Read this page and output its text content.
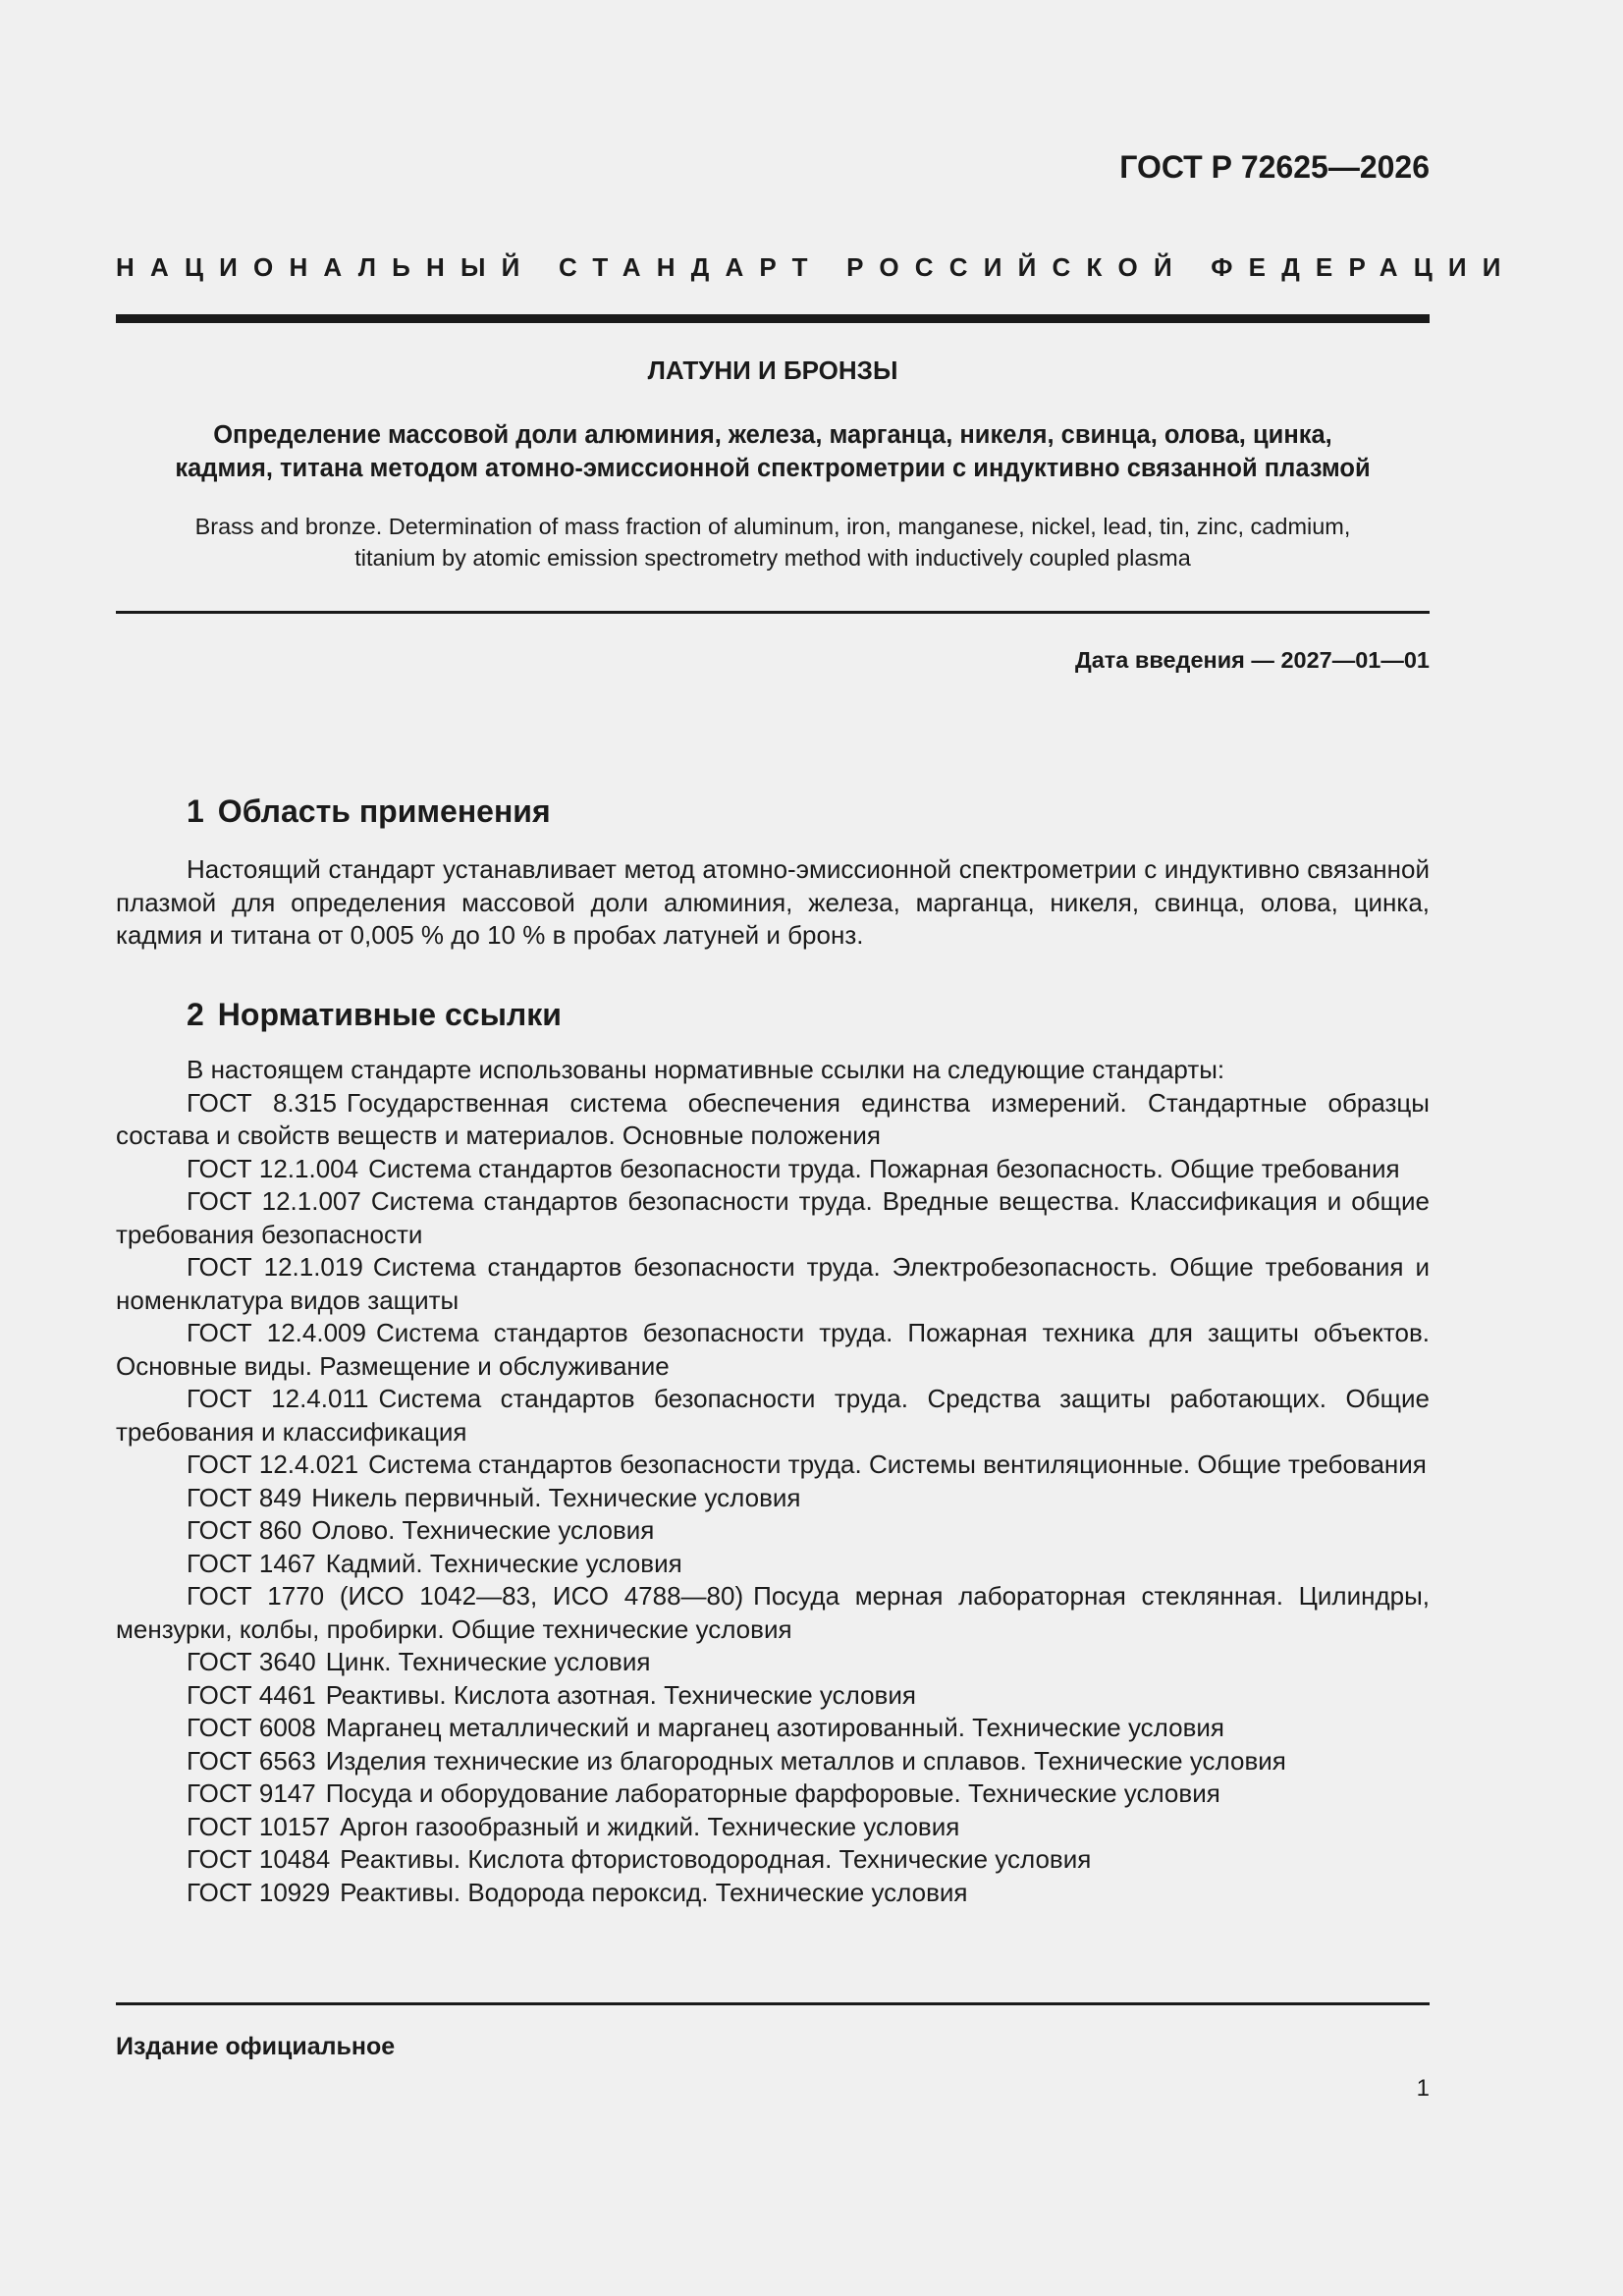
ГОСТ Р 72625—2026

НАЦИОНАЛЬНЫЙ СТАНДАРТ РОССИЙСКОЙ ФЕДЕРАЦИИ

ЛАТУНИ И БРОНЗЫ
Определение массовой доли алюминия, железа, марганца, никеля, свинца, олова, цинка,
кадмия, титана методом атомно-эмиссионной спектрометрии с индуктивно связанной плазмой

Brass and bronze. Determination of mass fraction of aluminum, iron, manganese, nickel, lead, tin, zinc, cadmium,
titanium by atomic emission spectrometry method with inductively coupled plasma

Дата введения — 2027—01—01

1 Область применения

Настоящий стандарт устанавливает метод атомно-эмиссионной спектрометрии с индуктивно связанной плазмой для определения массовой доли алюминия, железа, марганца, никеля, свинца, олова, цинка, кадмия и титана от 0,005 % до 10 % в пробах латуней и бронз.

2 Нормативные ссылки
В настоящем стандарте использованы нормативные ссылки на следующие стандарты:
ГОСТ 8.315 Государственная система обеспечения единства измерений. Стандартные образцы состава и свойств веществ и материалов. Основные положения
ГОСТ 12.1.004 Система стандартов безопасности труда. Пожарная безопасность. Общие требования
ГОСТ 12.1.007 Система стандартов безопасности труда. Вредные вещества. Классификация и общие требования безопасности
ГОСТ 12.1.019 Система стандартов безопасности труда. Электробезопасность. Общие требования и номенклатура видов защиты
ГОСТ 12.4.009 Система стандартов безопасности труда. Пожарная техника для защиты объектов. Основные виды. Размещение и обслуживание
ГОСТ 12.4.011 Система стандартов безопасности труда. Средства защиты работающих. Общие требования и классификация
ГОСТ 12.4.021 Система стандартов безопасности труда. Системы вентиляционные. Общие требования
ГОСТ 849 Никель первичный. Технические условия
ГОСТ 860 Олово. Технические условия
ГОСТ 1467 Кадмий. Технические условия
ГОСТ 1770 (ИСО 1042—83, ИСО 4788—80) Посуда мерная лабораторная стеклянная. Цилиндры, мензурки, колбы, пробирки. Общие технические условия
ГОСТ 3640 Цинк. Технические условия
ГОСТ 4461 Реактивы. Кислота азотная. Технические условия
ГОСТ 6008 Марганец металлический и марганец азотированный. Технические условия
ГОСТ 6563 Изделия технические из благородных металлов и сплавов. Технические условия
ГОСТ 9147 Посуда и оборудование лабораторные фарфоровые. Технические условия
ГОСТ 10157 Аргон газообразный и жидкий. Технические условия
ГОСТ 10484 Реактивы. Кислота фтористоводородная. Технические условия
ГОСТ 10929 Реактивы. Водорода пероксид. Технические условия

Издание официальное

1
